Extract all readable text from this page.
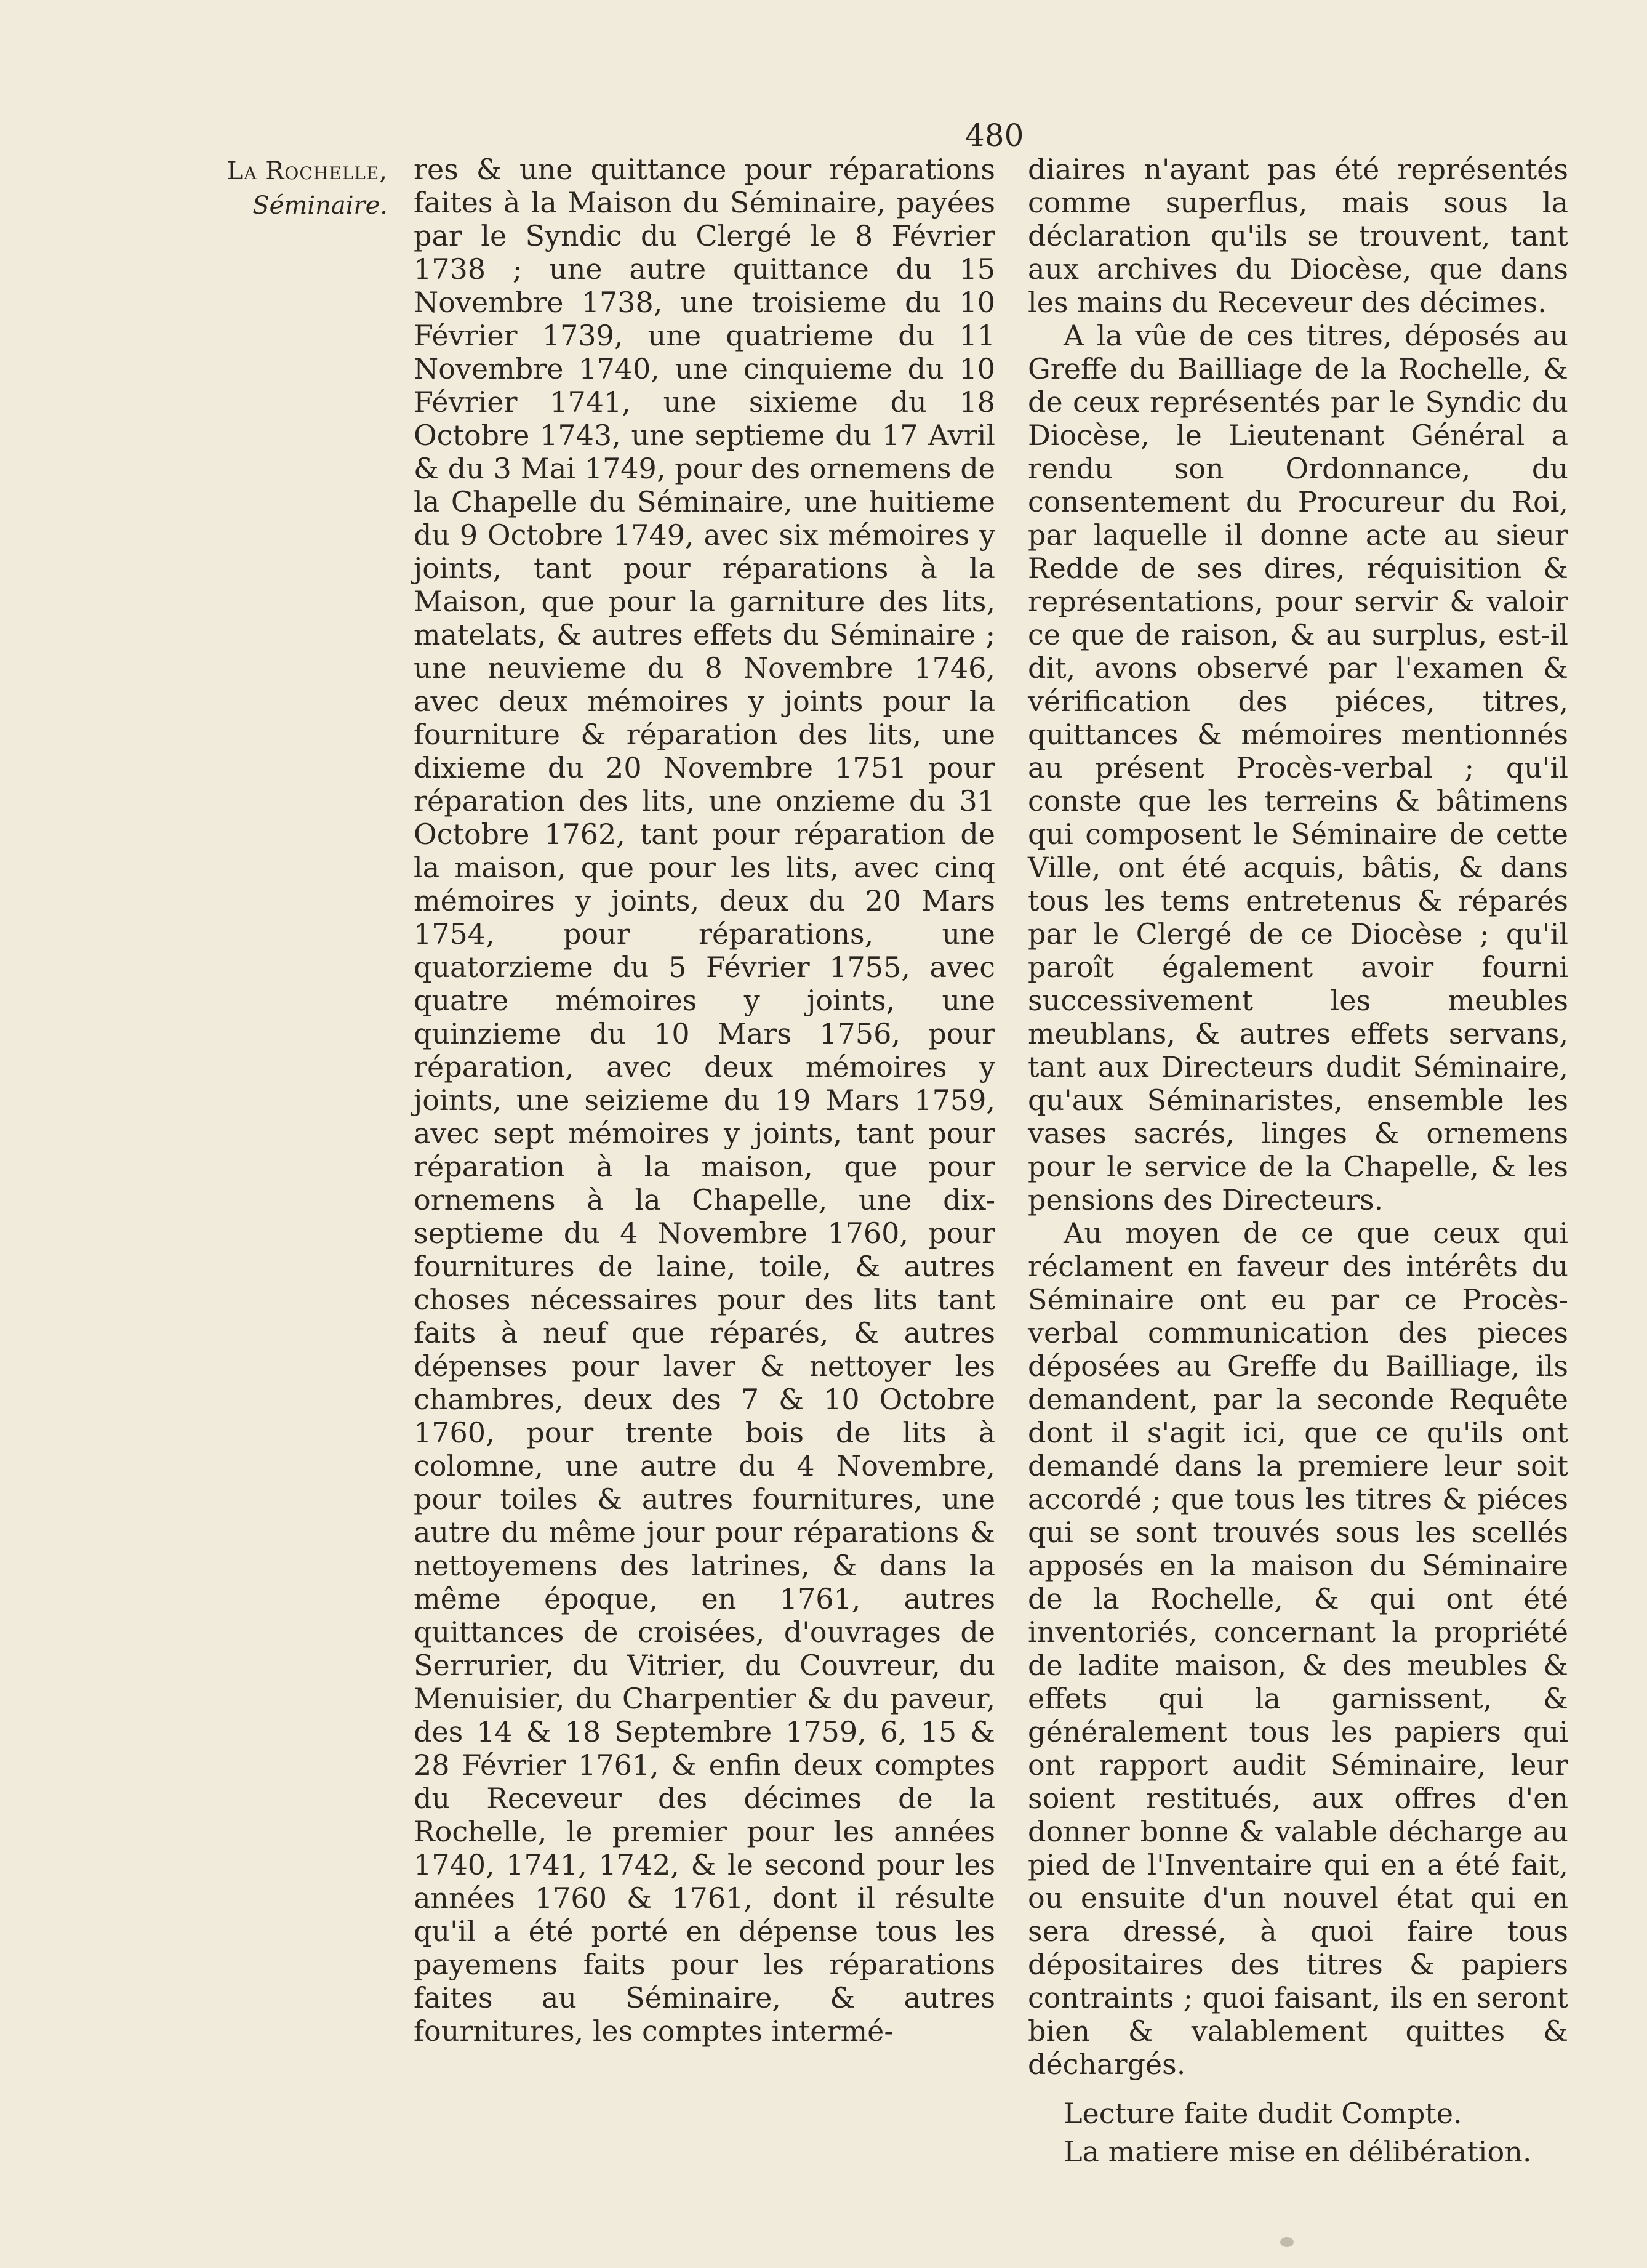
480
La Rochelle,
Séminaire.

res & une quittance pour réparations faites à la Maison du Séminaire, payées par le Syndic du Clergé le 8 Février 1738 ; une autre quittance du 15 Novembre 1738, une troisieme du 10 Février 1739, une quatrieme du 11 Novembre 1740, une cinquieme du 10 Février 1741, une sixieme du 18 Octobre 1743, une septieme du 17 Avril & du 3 Mai 1749, pour des ornemens de la Chapelle du Séminaire, une huitieme du 9 Octobre 1749, avec six mémoires y joints, tant pour réparations à la Maison, que pour la garniture des lits, matelats, & autres effets du Séminaire ; une neuvieme du 8 Novembre 1746, avec deux mémoires y joints pour la fourniture & réparation des lits, une dixieme du 20 Novembre 1751 pour réparation des lits, une onzieme du 31 Octobre 1762, tant pour réparation de la maison, que pour les lits, avec cinq mémoires y joints, deux du 20 Mars 1754, pour réparations, une quatorzieme du 5 Février 1755, avec quatre mémoires y joints, une quinzieme du 10 Mars 1756, pour réparation, avec deux mémoires y joints, une seizieme du 19 Mars 1759, avec sept mémoires y joints, tant pour réparation à la maison, que pour ornemens à la Chapelle, une dix-septieme du 4 Novembre 1760, pour fournitures de laine, toile, & autres choses nécessaires pour des lits tant faits à neuf que réparés, & autres dépenses pour laver & nettoyer les chambres, deux des 7 & 10 Octobre 1760, pour trente bois de lits à colomne, une autre du 4 Novembre, pour toiles & autres fournitures, une autre du même jour pour réparations & nettoyemens des latrines, & dans la même époque, en 1761, autres quittances de croisées, d'ouvrages de Serrurier, du Vitrier, du Couvreur, du Menuisier, du Charpentier & du paveur, des 14 & 18 Septembre 1759, 6, 15 & 28 Février 1761, & enfin deux comptes du Receveur des décimes de la Rochelle, le premier pour les années 1740, 1741, 1742, & le second pour les années 1760 & 1761, dont il résulte qu'il a été porté en dépense tous les payemens faits pour les réparations faites au Séminaire, & autres fournitures, les comptes intermé-

diaires n'ayant pas été représentés comme superflus, mais sous la déclaration qu'ils se trouvent, tant aux archives du Diocèse, que dans les mains du Receveur des décimes.

A la vûe de ces titres, déposés au Greffe du Bailliage de la Rochelle, & de ceux représentés par le Syndic du Diocèse, le Lieutenant Général a rendu son Ordonnance, du consentement du Procureur du Roi, par laquelle il donne acte au sieur Redde de ses dires, réquisition & représentations, pour servir & valoir ce que de raison, & au surplus, est-il dit, avons observé par l'examen & vérification des piéces, titres, quittances & mémoires mentionnés au présent Procès-verbal ; qu'il conste que les terreins & bâtimens qui composent le Séminaire de cette Ville, ont été acquis, bâtis, & dans tous les tems entretenus & réparés par le Clergé de ce Diocèse ; qu'il paroît également avoir fourni successivement les meubles meublans, & autres effets servans, tant aux Directeurs dudit Séminaire, qu'aux Séminaristes, ensemble les vases sacrés, linges & ornemens pour le service de la Chapelle, & les pensions des Directeurs.

Au moyen de ce que ceux qui réclament en faveur des intérêts du Séminaire ont eu par ce Procès-verbal communication des pieces déposées au Greffe du Bailliage, ils demandent, par la seconde Requête dont il s'agit ici, que ce qu'ils ont demandé dans la premiere leur soit accordé ; que tous les titres & piéces qui se sont trouvés sous les scellés apposés en la maison du Séminaire de la Rochelle, & qui ont été inventoriés, concernant la propriété de ladite maison, & des meubles & effets qui la garnissent, & généralement tous les papiers qui ont rapport audit Séminaire, leur soient restitués, aux offres d'en donner bonne & valable décharge au pied de l'Inventaire qui en a été fait, ou ensuite d'un nouvel état qui en sera dressé, à quoi faire tous dépositaires des titres & papiers contraints ; quoi faisant, ils en seront bien & valablement quittes & déchargés.

Lecture faite dudit Compte.

La matiere mise en délibération.
